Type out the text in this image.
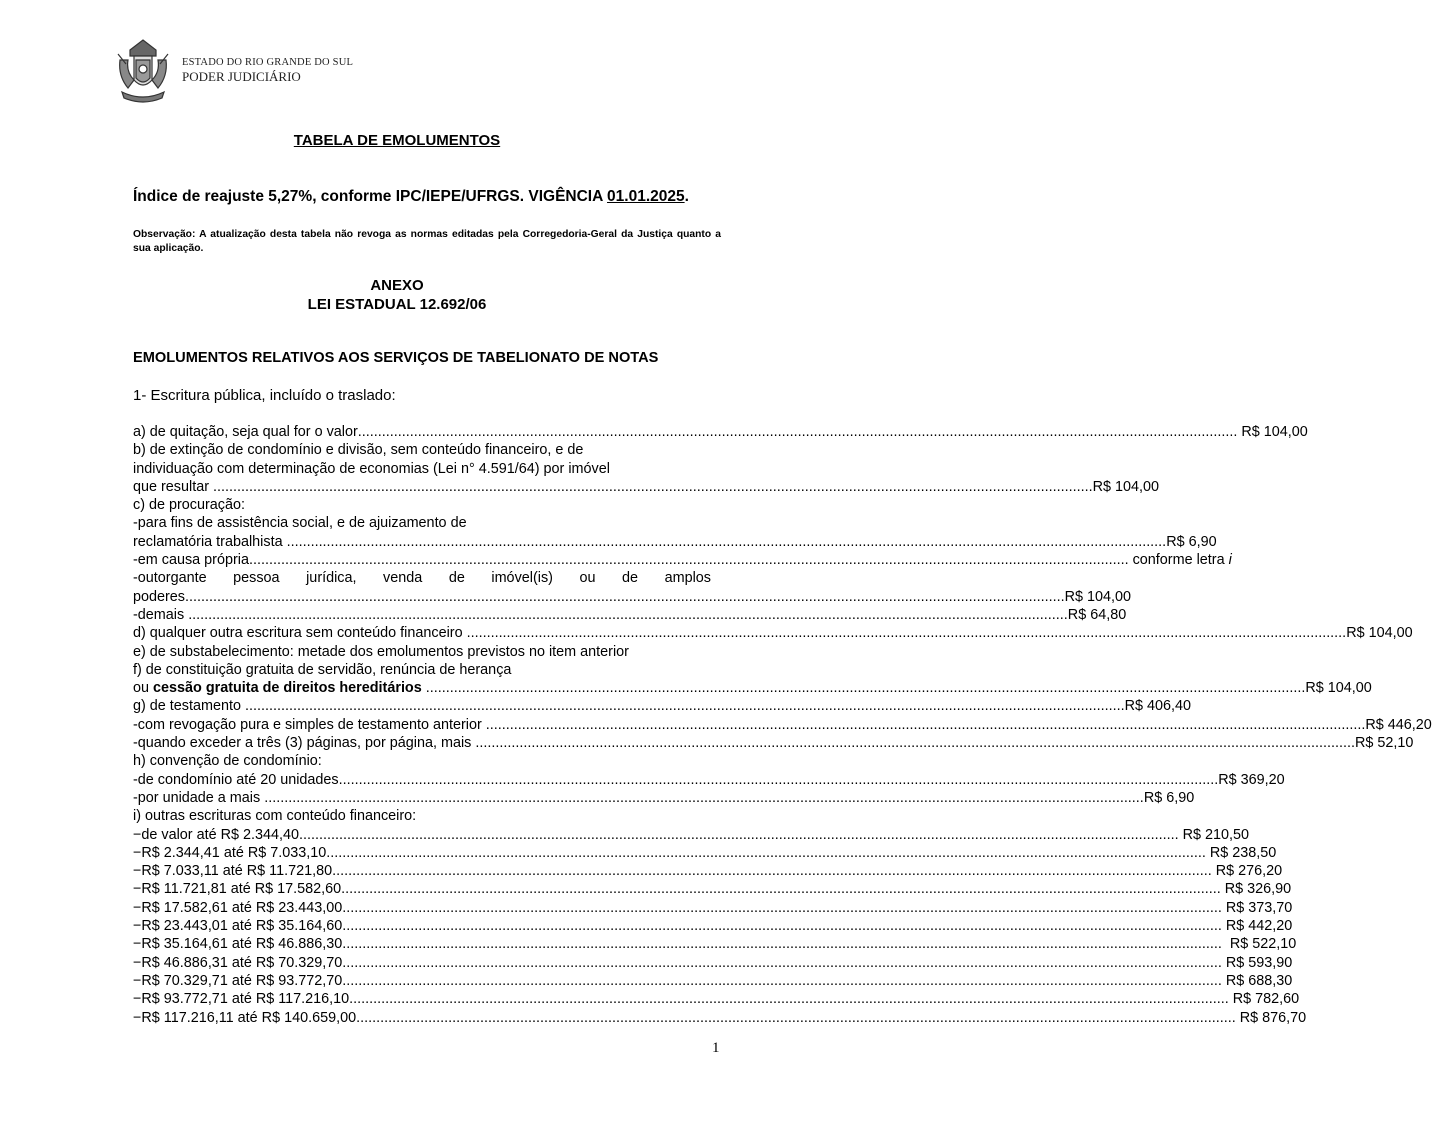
ESTADO DO RIO GRANDE DO SUL
PODER JUDICIÁRIO
TABELA DE EMOLUMENTOS
Índice de reajuste 5,27%, conforme IPC/IEPE/UFRGS. VIGÊNCIA 01.01.2025.
Observação: A atualização desta tabela não revoga as normas editadas pela Corregedoria-Geral da Justiça quanto a sua aplicação.
ANEXO
LEI ESTADUAL 12.692/06
EMOLUMENTOS RELATIVOS AOS SERVIÇOS DE TABELIONATO DE NOTAS
1- Escritura pública, incluído o traslado:
a) de quitação, seja qual for o valor ............................................................................................................................................................................................................................ R$ 104,00
b) de extinção de condomínio e divisão, sem conteúdo financeiro, e de
individuação com determinação de economias (Lei n° 4.591/64) por imóvel
que resultar ............................................................................................................................................................................................................................ R$ 104,00
c) de procuração:
-para fins de assistência social, e de ajuizamento de
reclamatória trabalhista ............................................................................................................................................................................................................................ R$ 6,90
-em causa própria ............................................................................................................................................................................................................................ conforme letra i
-outorgante pessoa jurídica, venda de imóvel(is) ou de amplos
poderes ............................................................................................................................................................................................................................ R$ 104,00
-demais ............................................................................................................................................................................................................................ R$ 64,80
d) qualquer outra escritura sem conteúdo financeiro ............................................................................................................................................................................................................................ R$ 104,00
e) de substabelecimento: metade dos emolumentos previstos no item anterior
f) de constituição gratuita de servidão, renúncia de herança
ou cessão gratuita de direitos hereditários
............................................................................................................................................................................................................................ R$ 104,00
g) de testamento ............................................................................................................................................................................................................................ R$ 406,40
-com revogação pura e simples de testamento anterior ............................................................................................................................................................................................................................ R$ 446,20
-quando exceder a três (3) páginas, por página, mais ............................................................................................................................................................................................................................ R$ 52,10
h) convenção de condomínio:
-de condomínio até 20 unidades ............................................................................................................................................................................................................................ R$ 369,20
-por unidade a mais ............................................................................................................................................................................................................................ R$ 6,90
i) outras escrituras com conteúdo financeiro:
−de valor até R$ 2.344,40 ............................................................................................................................................................................................................................ R$ 210,50
−R$ 2.344,41 até R$ 7.033,10 ............................................................................................................................................................................................................................ R$ 238,50
−R$ 7.033,11 até R$ 11.721,80 ............................................................................................................................................................................................................................ R$ 276,20
−R$ 11.721,81 até R$ 17.582,60 ............................................................................................................................................................................................................................ R$ 326,90
−R$ 17.582,61 até R$ 23.443,00 ............................................................................................................................................................................................................................ R$ 373,70
−R$ 23.443,01 até R$ 35.164,60 ............................................................................................................................................................................................................................ R$ 442,20
−R$ 35.164,61 até R$ 46.886,30 ............................................................................................................................................................................................................................ R$ 522,10
−R$ 46.886,31 até R$ 70.329,70 ............................................................................................................................................................................................................................ R$ 593,90
−R$ 70.329,71 até R$ 93.772,70 ............................................................................................................................................................................................................................ R$ 688,30
−R$ 93.772,71 até R$ 117.216,10 ............................................................................................................................................................................................................................ R$ 782,60
−R$ 117.216,11 até R$ 140.659,00 ............................................................................................................................................................................................................................ R$ 876,70
1
